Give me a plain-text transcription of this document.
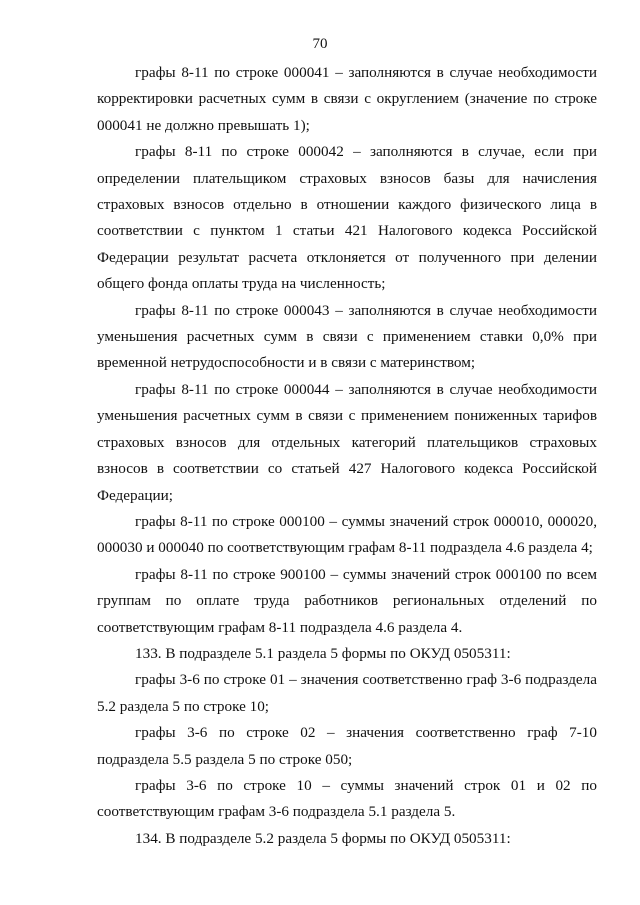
70

графы 8-11 по строке 000041 – заполняются в случае необходимости корректировки расчетных сумм в связи с округлением (значение по строке 000041 не должно превышать 1);

графы 8-11 по строке 000042 – заполняются в случае, если при определении плательщиком страховых взносов базы для начисления страховых взносов отдельно в отношении каждого физического лица в соответствии с пунктом 1 статьи 421 Налогового кодекса Российской Федерации результат расчета отклоняется от полученного при делении общего фонда оплаты труда на численность;

графы 8-11 по строке 000043 – заполняются в случае необходимости уменьшения расчетных сумм в связи с применением ставки 0,0% при временной нетрудоспособности и в связи с материнством;

графы 8-11 по строке 000044 – заполняются в случае необходимости уменьшения расчетных сумм в связи с применением пониженных тарифов страховых взносов для отдельных категорий плательщиков страховых взносов в соответствии со статьей 427 Налогового кодекса Российской Федерации;

графы 8-11 по строке 000100 – суммы значений строк 000010, 000020, 000030 и 000040 по соответствующим графам 8-11 подраздела 4.6 раздела 4;

графы 8-11 по строке 900100 – суммы значений строк 000100 по всем группам по оплате труда работников региональных отделений по соответствующим графам 8-11 подраздела 4.6 раздела 4.

133. В подразделе 5.1 раздела 5 формы по ОКУД 0505311:

графы 3-6 по строке 01 – значения соответственно граф 3-6 подраздела 5.2 раздела 5 по строке 10;

графы 3-6 по строке 02 – значения соответственно граф 7-10 подраздела 5.5 раздела 5 по строке 050;

графы 3-6 по строке 10 – суммы значений строк 01 и 02 по соответствующим графам 3-6 подраздела 5.1 раздела 5.

134. В подразделе 5.2 раздела 5 формы по ОКУД 0505311:
